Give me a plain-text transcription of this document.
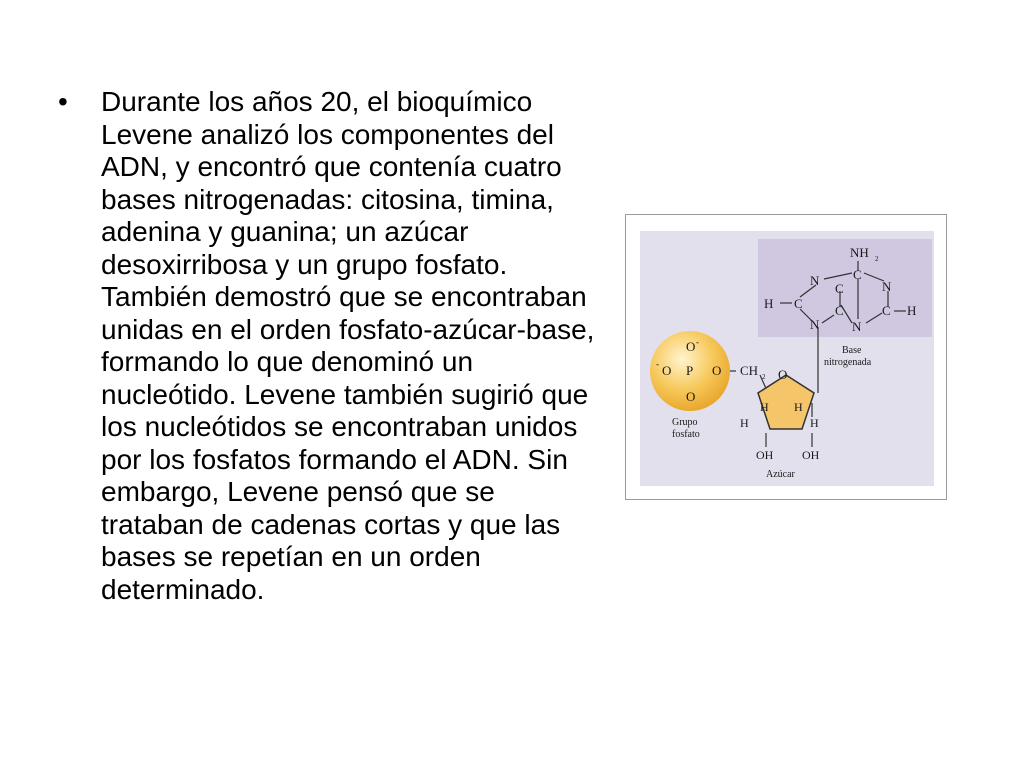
• Durante los años 20, el bioquímico Levene analizó los componentes del ADN, y encontró que contenía cuatro bases nitrogenadas: citosina, timina, adenina y guanina; un azúcar desoxirribosa y un grupo fosfato. También demostró que se encontraban unidas en el orden fosfato-azúcar-base, formando lo que denominó un nucleótido. Levene también sugirió que los nucleótidos se encontraban unidos por los fosfatos formando el ADN. Sin embargo, Levene pensó que se trataban de cadenas cortas y que las bases se repetían en un orden determinado.

Base
nitrogenada
NH 2
N	C
N
H C
C
C H
N
C
N
O -
- O P O
O
CH 2
Grupo
fosfato
O
H H
H	H
OH OH
Azúcar
